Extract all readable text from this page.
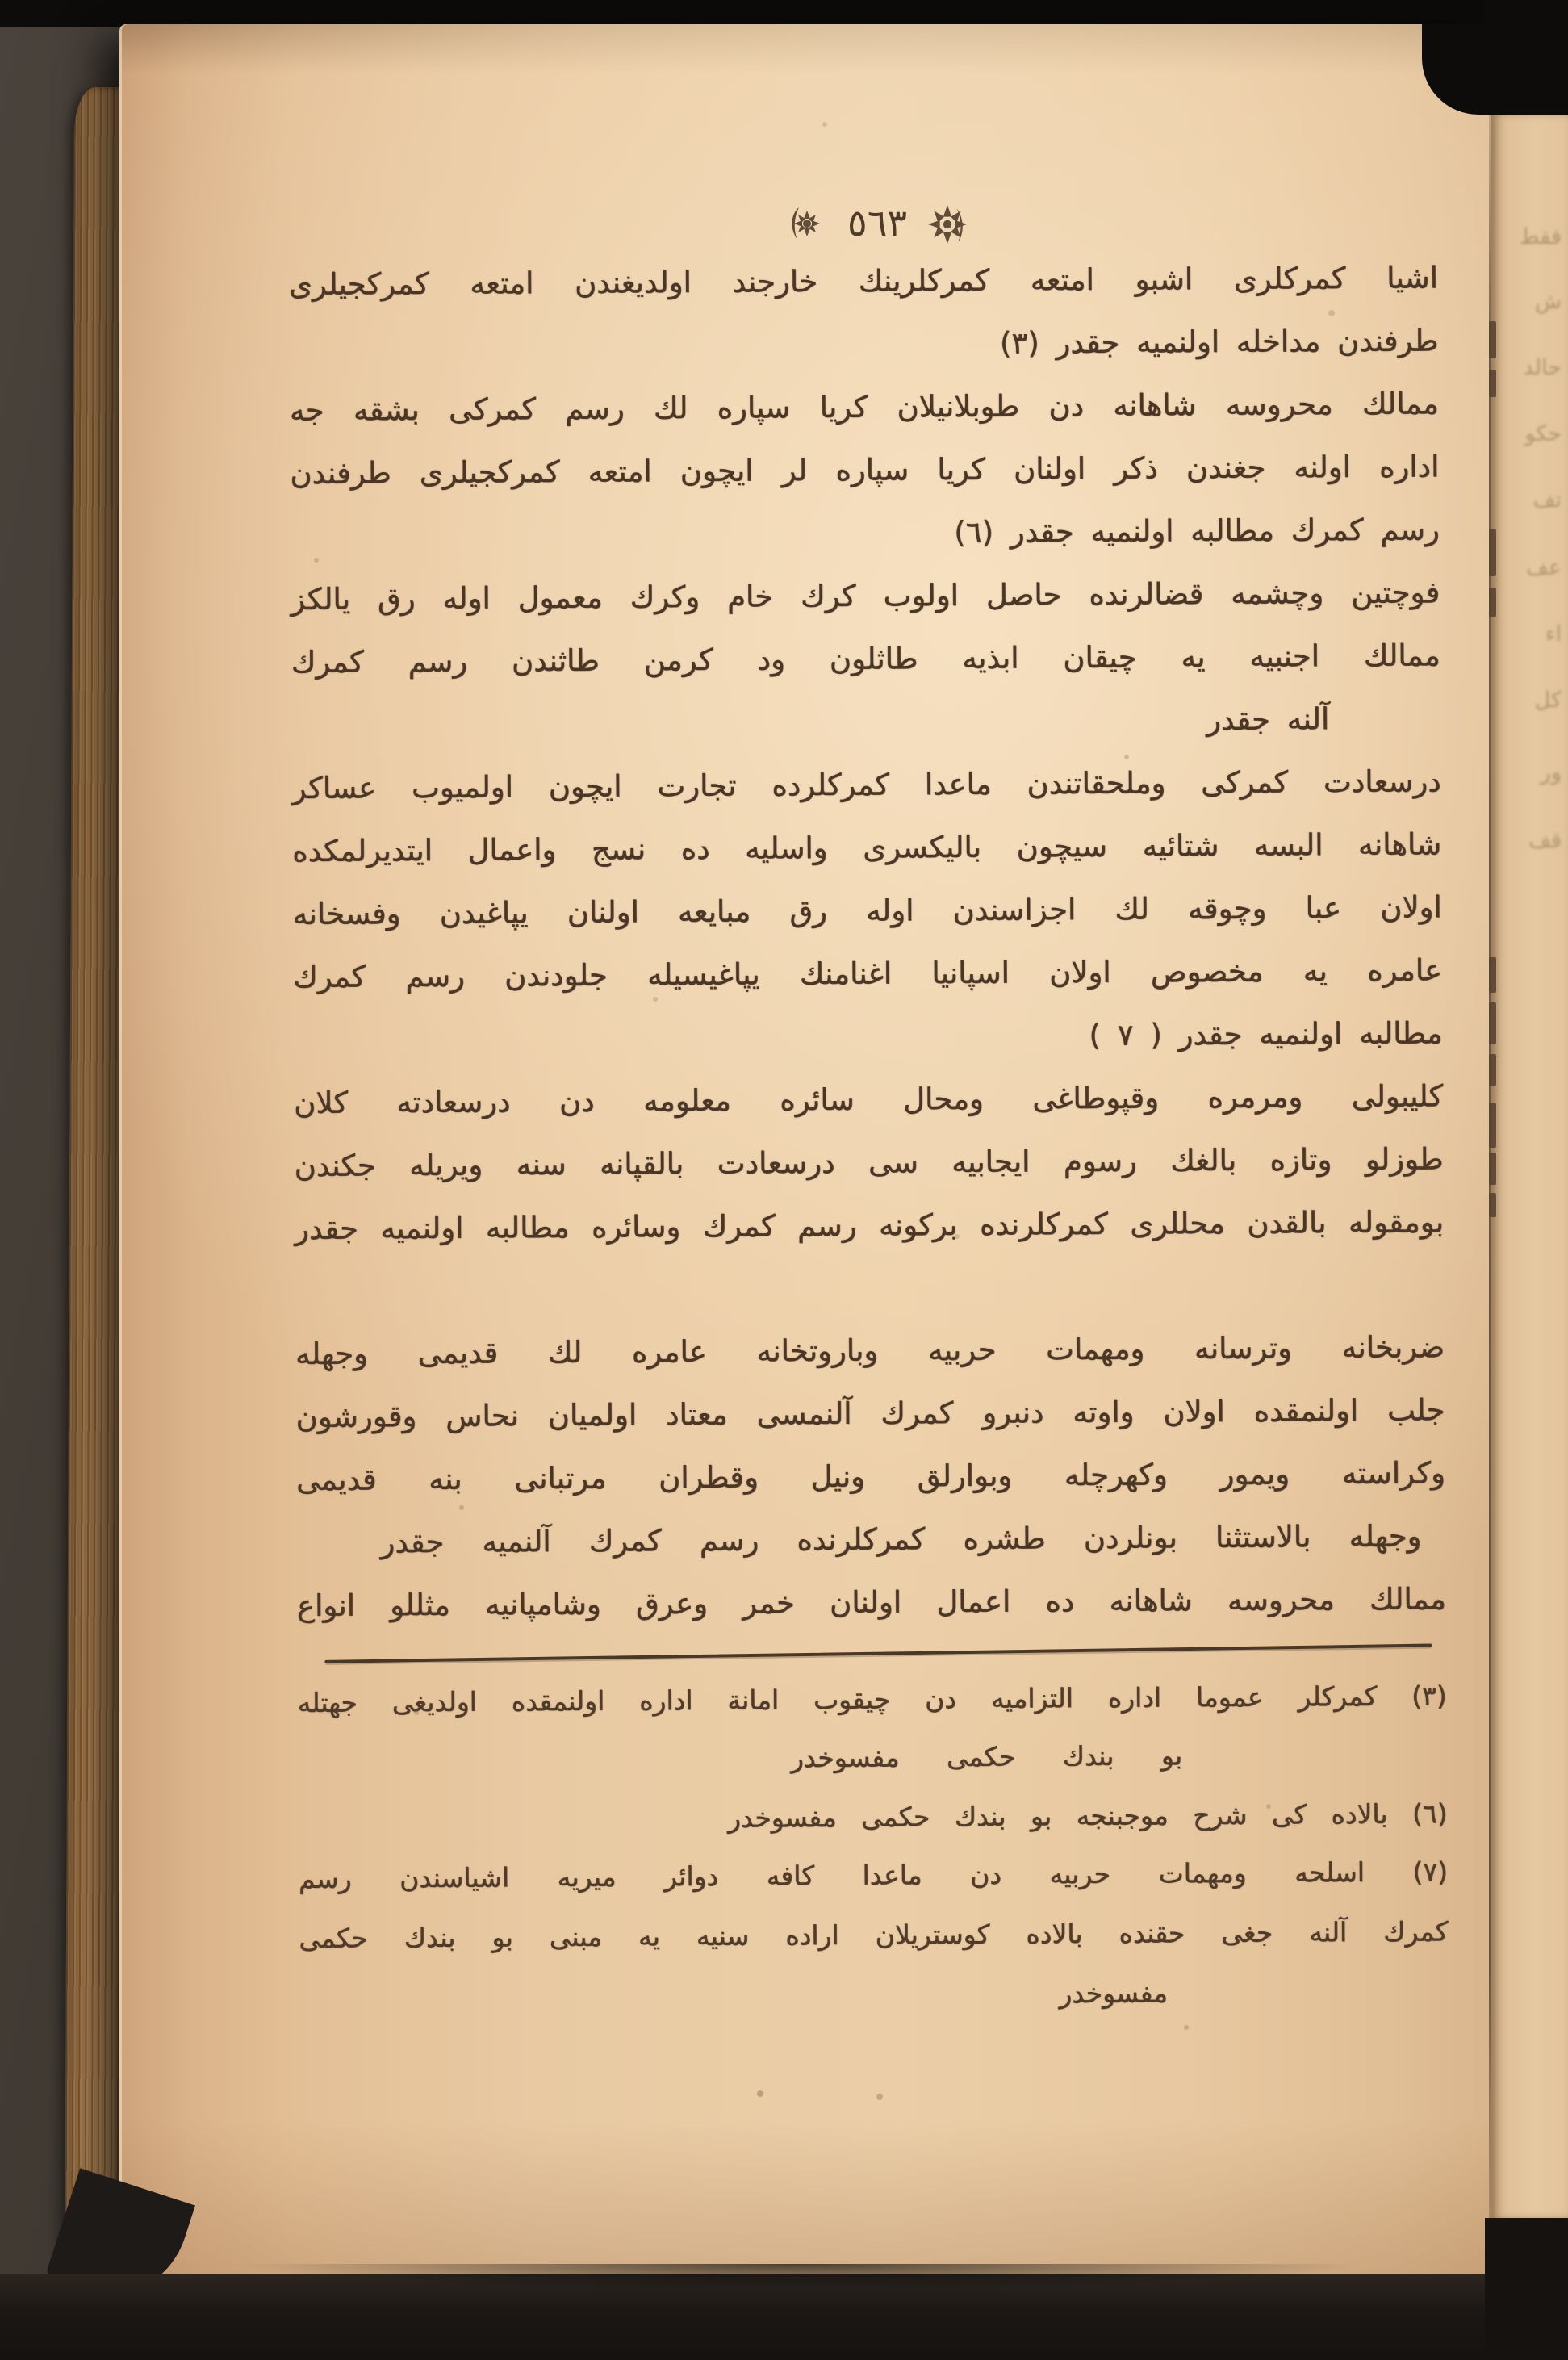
٥٦٣
اشيا كمركلرى اشبو امتعه كمركلرينك خارجند اولديغندن امتعه كمركجيلرى
طرفندن مداخله اولنميه جقدر (٣)
ممالك محروسه شاهانه دن طوبلانيلان كريا سپاره لك رسم كمركى بشقه جه
اداره اولنه جغندن ذكر اولنان كريا سپاره لر ايچون امتعه كمركجيلرى طرفندن
رسم كمرك مطالبه اولنميه جقدر (٦)
فوچتين وچشمه قضالرنده حاصل اولوب كرك خام وكرك معمول اوله رق يالكز
ممالك اجنبيه يه چيقان ابذيه طاثلون ود كرمن طاثندن رسم كمرك
آلنه جقدر
درسعادت كمركى وملحقاتندن ماعدا كمركلرده تجارت ايچون اولميوب عساكر
شاهانه البسه شتائيه سيچون باليكسرى واسليه ده نسج واعمال ايتديرلمكده
اولان عبا وچوقه لك اجزاسندن اوله رق مبايعه اولنان يپاغيدن وفسخانه
عامره يه مخصوص اولان اسپانيا اغنامنك يپاغيسيله جلودندن رسم كمرك
مطالبه اولنميه جقدر ( ٧ )
كليبولى ومرمره وقپوطاغى ومحال سائره معلومه دن درسعادته كلان
طوزلو وتازه بالغك رسوم ايجابيه سى درسعادت بالقپانه سنه ويريله جكندن
بومقوله بالقدن محللرى كمركلرنده بركونه رسم كمرك وسائره مطالبه اولنميه جقدر
ضربخانه وترسانه ومهمات حربيه وباروتخانه عامره لك قديمى وجهله
جلب اولنمقده اولان واوته دنبرو كمرك آلنمسى معتاد اولميان نحاس وقورشون
وكراسته ويمور وكهرچله وبوارلق ونيل وقطران مرتبانى بنه قديمى
وجهله بالاستثنا بونلردن طشره كمركلرنده رسم كمرك آلنميه جقدر
ممالك محروسه شاهانه ده اعمال اولنان خمر وعرق وشامپانيه مثللو انواع
(٣) كمركلر عموما اداره التزاميه دن چيقوب امانة اداره اولنمقده اولديغى جهتله
بو بندك حكمى مفسوخدر
(٦) بالاده كى شرح موجبنجه بو بندك حكمى مفسوخدر
(٧) اسلحه ومهمات حربيه دن ماعدا كافه دوائر ميريه اشياسندن رسم
كمرك آلنه جغى حقنده بالاده كوستريلان اراده سنيه يه مبنى بو بندك حكمى
مفسوخدر
فقط
ش
حالد
حكو
تف
عف
اء
كل
ور
قف
